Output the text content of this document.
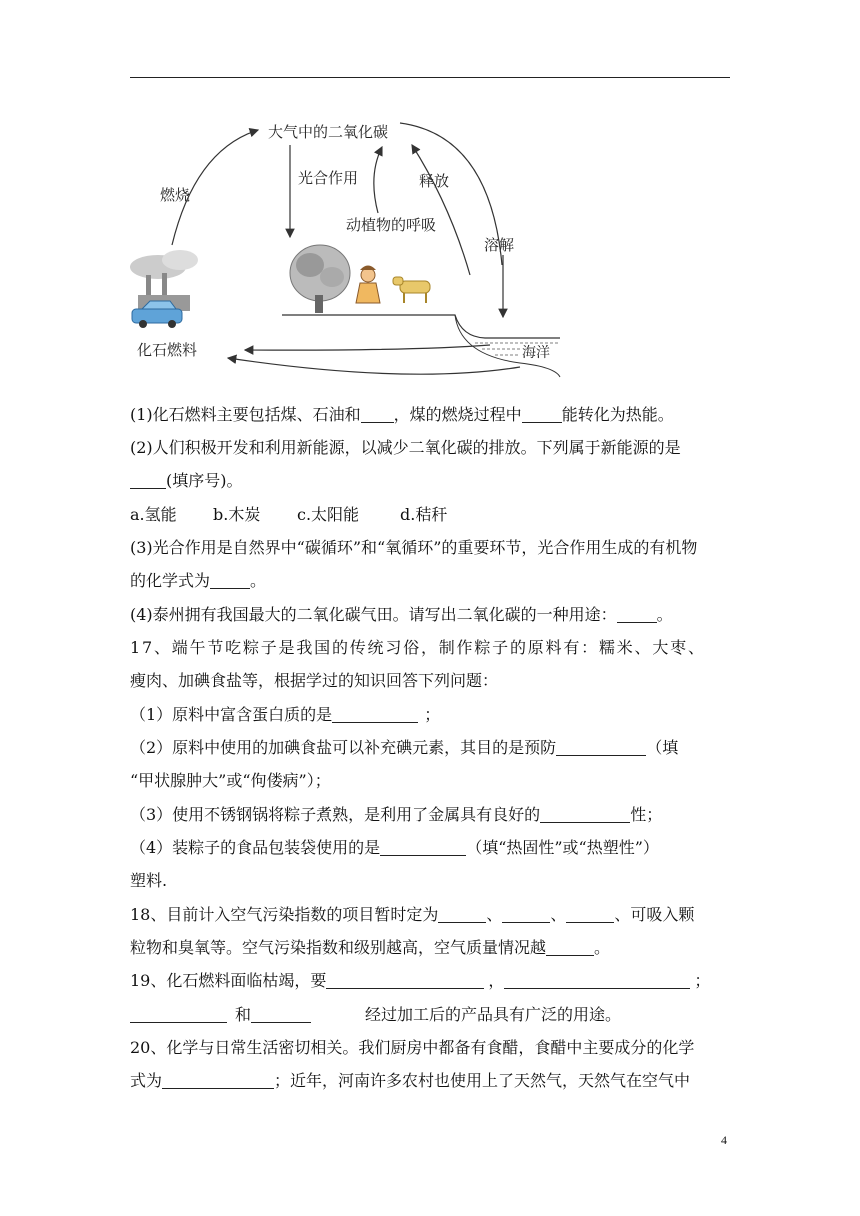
大气中的二氧化碳
燃烧
光合作用
动植物的呼吸
释放
溶解
化石燃料	海洋
(1)化石燃料主要包括煤、石油和 ，煤的燃烧过程中	能转化为热能。
(2)人们积极开发和利用新能源，以减少二氧化碳的排放。下列属于新能源的是
(填序号)。
a.氢能 b.木炭 c.太阳能	d.秸秆
(3)光合作用是自然界中“碳循环”和“氧循环”的重要环节，光合作用生成的有机物
的化学式为	。
(4)泰州拥有我国最大的二氧化碳气田。请写出二氧化碳的一种用途：	。
17、端午节吃粽子是我国的传统习俗，制作粽子的原料有：糯米、大枣、
瘦肉、加碘食盐等，根据学过的知识回答下列问题：
（1）原料中富含蛋白质的是	；
（2）原料中使用的加碘食盐可以补充碘元素，其目的是预防	（填
“甲状腺肿大”或“佝偻病”）；
（3）使用不锈钢锅将粽子煮熟，是利用了金属具有良好的	性；
（4）装粽子的食品包装袋使用的是	（填“热固性”或“热塑性”）
塑料.
18、目前计入空气污染指数的项目暂时定为	、	、	、可吸入颗
粒物和臭氧等。空气污染指数和级别越高，空气质量情况越	。
19、化石燃料面临枯竭，要	，	；
和	经过加工后的产品具有广泛的用途。
20、化学与日常生活密切相关。我们厨房中都备有食醋，食醋中主要成分的化学
式为	；近年，河南许多农村也使用上了天然气，天然气在空气中
4
